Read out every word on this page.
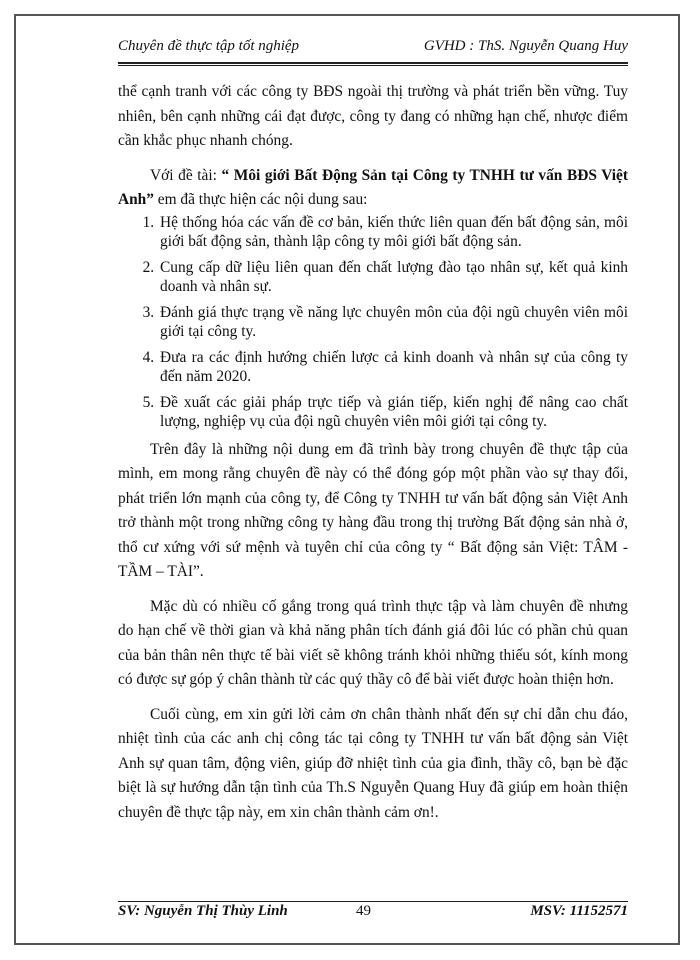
Chuyên đề thực tập tốt nghiệp	GVHD : ThS. Nguyễn Quang Huy

thể cạnh tranh với các công ty BĐS ngoài thị trường và phát triển bền vững. Tuy nhiên, bên cạnh những cái đạt được, công ty đang có những hạn chế, nhược điểm cần khắc phục nhanh chóng.

Với đề tài: “ Môi giới Bất Động Sản tại Công ty TNHH tư vấn BĐS Việt Anh” em đã thực hiện các nội dung sau:

1. Hệ thống hóa các vấn đề cơ bản, kiến thức liên quan đến bất động sản, môi giới bất động sản, thành lập công ty môi giới bất động sản.
2. Cung cấp dữ liệu liên quan đến chất lượng đào tạo nhân sự, kết quả kinh doanh và nhân sự.
3. Đánh giá thực trạng về năng lực chuyên môn của đội ngũ chuyên viên môi giới tại công ty.
4. Đưa ra các định hướng chiến lược cả kinh doanh và nhân sự của công ty đến năm 2020.
5. Đề xuất các giải pháp trực tiếp và gián tiếp, kiến nghị để nâng cao chất lượng, nghiệp vụ của đội ngũ chuyên viên môi giới tại công ty.

Trên đây là những nội dung em đã trình bày trong chuyên đề thực tập của mình, em mong rằng chuyên đề này có thể đóng góp một phần vào sự thay đổi, phát triển lớn mạnh của công ty, để Công ty TNHH tư vấn bất động sản Việt Anh trở thành một trong những công ty hàng đầu trong thị trường Bất động sản nhà ở, thổ cư xứng với sứ mệnh và tuyên chỉ của công ty “ Bất động sản Việt: TÂM - TẦM – TÀI”.

Mặc dù có nhiều cố gắng trong quá trình thực tập và làm chuyên đề nhưng do hạn chế về thời gian và khả năng phân tích đánh giá đôi lúc có phần chủ quan của bản thân nên thực tế bài viết sẽ không tránh khỏi những thiếu sót, kính mong có được sự góp ý chân thành từ các quý thầy cô để bài viết được hoàn thiện hơn.

Cuối cùng, em xin gửi lời cảm ơn chân thành nhất đến sự chỉ dẫn chu đáo, nhiệt tình của các anh chị công tác tại công ty TNHH tư vấn bất động sản Việt Anh sự quan tâm, động viên, giúp đỡ nhiệt tình của gia đình, thầy cô, bạn bè đặc biệt là sự hướng dẫn tận tình của Th.S Nguyễn Quang Huy đã giúp em hoàn thiện chuyên đề thực tập này, em xin chân thành cảm ơn!.

SV: Nguyễn Thị Thùy Linh	49	MSV: 11152571
